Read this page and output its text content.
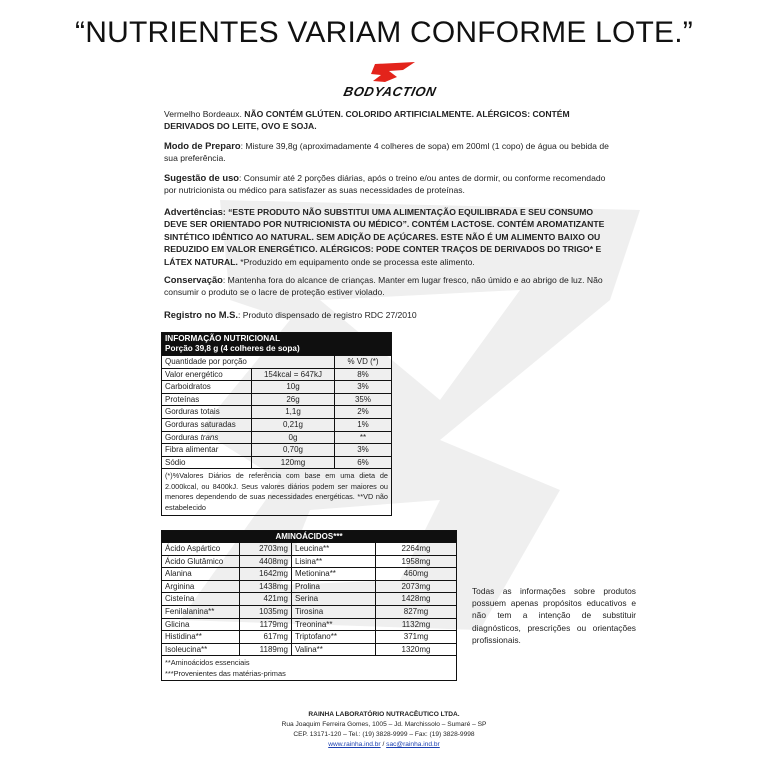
“NUTRIENTES VARIAM CONFORME LOTE.”
BODYACTION
Vermelho Bordeaux. NÃO CONTÉM GLÚTEN. COLORIDO ARTIFICIALMENTE. ALÉRGICOS: CONTÉM DERIVADOS DO LEITE, OVO E SOJA.
Modo de Preparo: Misture 39,8g (aproximadamente 4 colheres de sopa) em 200ml (1 copo) de água ou bebida de sua preferência.
Sugestão de uso: Consumir até 2 porções diárias, após o treino e/ou antes de dormir, ou conforme recomendado por nutricionista ou médico para satisfazer as suas necessidades de proteínas.
Advertências: “ESTE PRODUTO NÃO SUBSTITUI UMA ALIMENTAÇÃO EQUILIBRADA E SEU CONSUMO DEVE SER ORIENTADO POR NUTRICIONISTA OU MÉDICO”. CONTÉM LACTOSE. CONTÉM AROMATIZANTE SINTÉTICO IDÊNTICO AO NATURAL. SEM ADIÇÃO DE AÇÚCARES. ESTE NÃO É UM ALIMENTO BAIXO OU REDUZIDO EM VALOR ENERGÉTICO. ALÉRGICOS: PODE CONTER TRAÇOS DE DERIVADOS DO TRIGO* E LÁTEX NATURAL. *Produzido em equipamento onde se processa este alimento.
Conservação: Mantenha fora do alcance de crianças. Manter em lugar fresco, não úmido e ao abrigo de luz. Não consumir o produto se o lacre de proteção estiver violado.
Registro no M.S.: Produto dispensado de registro RDC 27/2010
INFORMAÇÃO NUTRICIONAL
Porção 39,8 g (4 colheres de sopa)
Quantidade por porção	% VD (*)
Valor energético	154kcal = 647kJ	8%
Carboidratos	10g	3%
Proteínas	26g	35%
Gorduras totais	1,1g	2%
Gorduras saturadas	0,21g	1%
Gorduras trans	0g	**
Fibra alimentar	0,70g	3%
Sódio	120mg	6%
(*)%Valores Diários de referência com base em uma dieta de 2.000kcal, ou 8400kJ. Seus valores diários podem ser maiores ou menores dependendo de suas necessidades energéticas. **VD não estabelecido
AMINOÁCIDOS***
Ácido Aspártico	2703mg Leucina**	2264mg
Ácido Glutâmico	4408mg Lisina**	1958mg
Alanina	1642mg Metionina**	460mg
Arginina	1438mg Prolina	2073mg
Cisteína	421mg Serina	1428mg
Fenilalanina**	1035mg Tirosina	827mg
Glicina	1179mg Treonina**	1132mg
Histidina**	617mg Triptofano**	371mg
Isoleucina**	1189mg Valina**	1320mg
**Aminoácidos essenciais
***Provenientes das matérias-primas
Todas as informações sobre produtos possuem apenas propósitos educativos e não tem a intenção de substituir diagnósticos, prescrições ou orientações profissionais.
RAINHA LABORATÓRIO NUTRACÊUTICO LTDA.
Rua Joaquim Ferreira Gomes, 1005 – Jd. Marchissolo – Sumaré – SP
CEP. 13171-120 – Tel.: (19) 3828-9999 – Fax: (19) 3828-9998
www.rainha.ind.br / sac@rainha.ind.br
